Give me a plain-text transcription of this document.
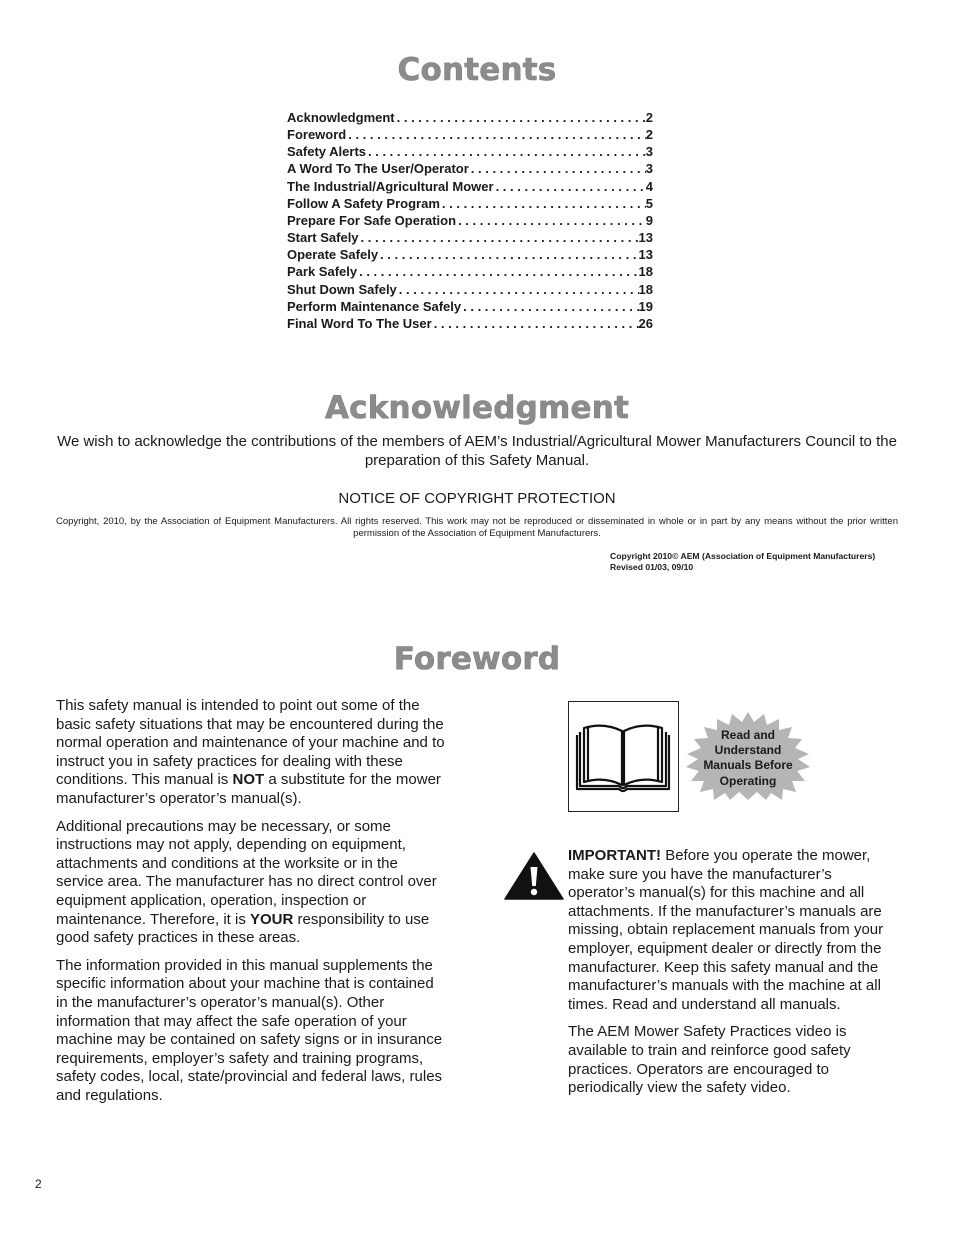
Contents
Acknowledgment . . .	2
Foreword . . .	2
Safety Alerts . . .	3
A Word To The User/Operator . . .	3
The Industrial/Agricultural Mower . . .	4
Follow A Safety Program . . .	5
Prepare For Safe Operation . . .	9
Start Safely . . .	13
Operate Safely . . .	13
Park Safely . . .	18
Shut Down Safely . . .	18
Perform Maintenance Safely . . .	19
Final Word To The User . . .	26
Acknowledgment
We wish to acknowledge the contributions of the members of AEM’s Industrial/Agricultural Mower Manufacturers Council to the preparation of this Safety Manual.
NOTICE OF COPYRIGHT PROTECTION
Copyright, 2010, by the Association of Equipment Manufacturers. All rights reserved. This work may not be reproduced or disseminated in whole or in part by any means without the prior written permission of the Association of Equipment Manufacturers.
Copyright 2010© AEM (Association of Equipment Manufacturers)
Revised 01/03, 09/10
Foreword

This safety manual is intended to point out some of the basic safety situations that may be encountered during the normal operation and maintenance of your machine and to instruct you in safety practices for dealing with these conditions. This manual is NOT a substitute for the mower manufacturer’s operator’s manual(s).

Additional precautions may be necessary, or some instructions may not apply, depending on equipment, attachments and conditions at the worksite or in the service area. The manufacturer has no direct control over equipment application, operation, inspection or maintenance. Therefore, it is YOUR responsibility to use good safety practices in these areas.

The information provided in this manual supplements the specific information about your machine that is contained in the manufacturer’s operator’s manual(s). Other information that may affect the safe operation of your machine may be contained on safety signs or in insurance requirements, employer’s safety and training programs, safety codes, local, state/provincial and federal laws, rules and regulations.

Read and
Understand
Manuals Before
Operating

IMPORTANT! Before you operate the mower, make sure you have the manufacturer’s operator’s manual(s) for this machine and all attachments. If the manufacturer’s manuals are missing, obtain replacement manuals from your employer, equipment dealer or directly from the manufacturer. Keep this safety manual and the manufacturer’s manuals with the machine at all times. Read and understand all manuals.

The AEM Mower Safety Practices video is available to train and reinforce good safety practices. Operators are encouraged to periodically view the safety video.

2
